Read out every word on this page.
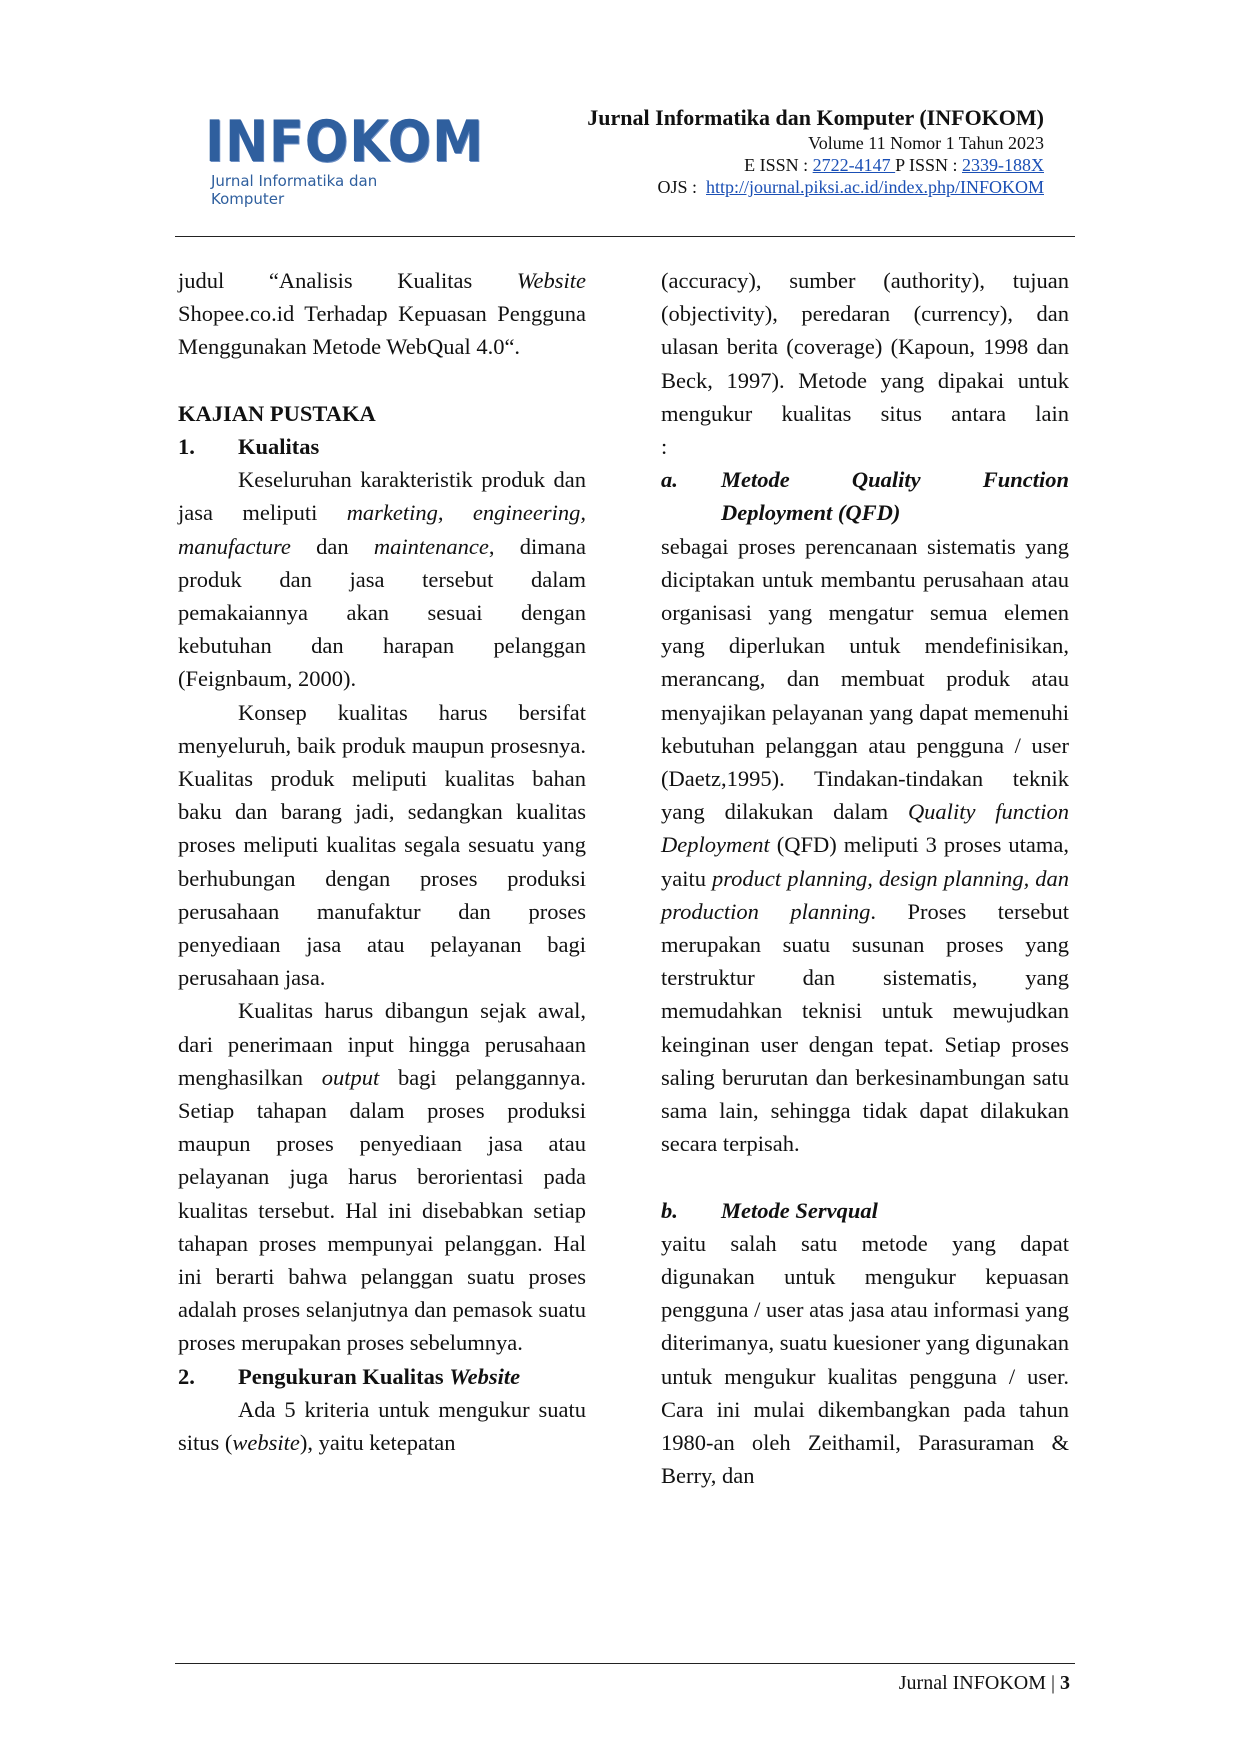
INFOKOM
Jurnal Informatika dan Komputer
Jurnal Informatika dan Komputer (INFOKOM)
Volume 11 Nomor 1 Tahun 2023
E ISSN : 2722-4147 P ISSN : 2339-188X
OJS :  http://journal.piksi.ac.id/index.php/INFOKOM

judul “Analisis Kualitas Website Shopee.co.id Terhadap Kepuasan Pengguna Menggunakan Metode WebQual 4.0“.

KAJIAN PUSTAKA

1.	Kualitas

Keseluruhan karakteristik produk dan jasa meliputi marketing, engineering, manufacture dan maintenance, dimana produk dan jasa tersebut dalam pemakaiannya akan sesuai dengan kebutuhan dan harapan pelanggan (Feignbaum, 2000).

Konsep kualitas harus bersifat menyeluruh, baik produk maupun prosesnya. Kualitas produk meliputi kualitas bahan baku dan barang jadi, sedangkan kualitas proses meliputi kualitas segala sesuatu yang berhubungan dengan proses produksi perusahaan manufaktur dan proses penyediaan jasa atau pelayanan bagi perusahaan jasa.

Kualitas harus dibangun sejak awal, dari penerimaan input hingga perusahaan menghasilkan output bagi pelanggannya. Setiap tahapan dalam proses produksi maupun proses penyediaan jasa atau pelayanan juga harus berorientasi pada kualitas tersebut. Hal ini disebabkan setiap tahapan proses mempunyai pelanggan. Hal ini berarti bahwa pelanggan suatu proses adalah proses selanjutnya dan pemasok suatu proses merupakan proses sebelumnya.

2.	Pengukuran Kualitas Website

Ada 5 kriteria untuk mengukur suatu situs (website), yaitu ketepatan

(accuracy), sumber (authority), tujuan (objectivity), peredaran (currency), dan ulasan berita (coverage) (Kapoun, 1998 dan Beck, 1997). Metode yang dipakai untuk mengukur kualitas situs antara lain

:

a.	Metode Quality Function Deployment (QFD)

sebagai proses perencanaan sistematis yang diciptakan untuk membantu perusahaan atau organisasi yang mengatur semua elemen yang diperlukan untuk mendefinisikan, merancang, dan membuat produk atau menyajikan pelayanan yang dapat memenuhi kebutuhan pelanggan atau pengguna / user (Daetz,1995). Tindakan-tindakan teknik yang dilakukan dalam Quality function Deployment (QFD) meliputi 3 proses utama, yaitu product planning, design planning, dan production planning. Proses tersebut merupakan suatu susunan proses yang terstruktur dan sistematis, yang memudahkan teknisi untuk mewujudkan keinginan user dengan tepat. Setiap proses saling berurutan dan berkesinambungan satu sama lain, sehingga tidak dapat dilakukan secara terpisah.

b.	Metode Servqual

yaitu salah satu metode yang dapat digunakan untuk mengukur kepuasan pengguna / user atas jasa atau informasi yang diterimanya, suatu kuesioner yang digunakan untuk mengukur kualitas pengguna / user. Cara ini mulai dikembangkan pada tahun 1980-an oleh Zeithamil, Parasuraman & Berry, dan

Jurnal INFOKOM | 3
